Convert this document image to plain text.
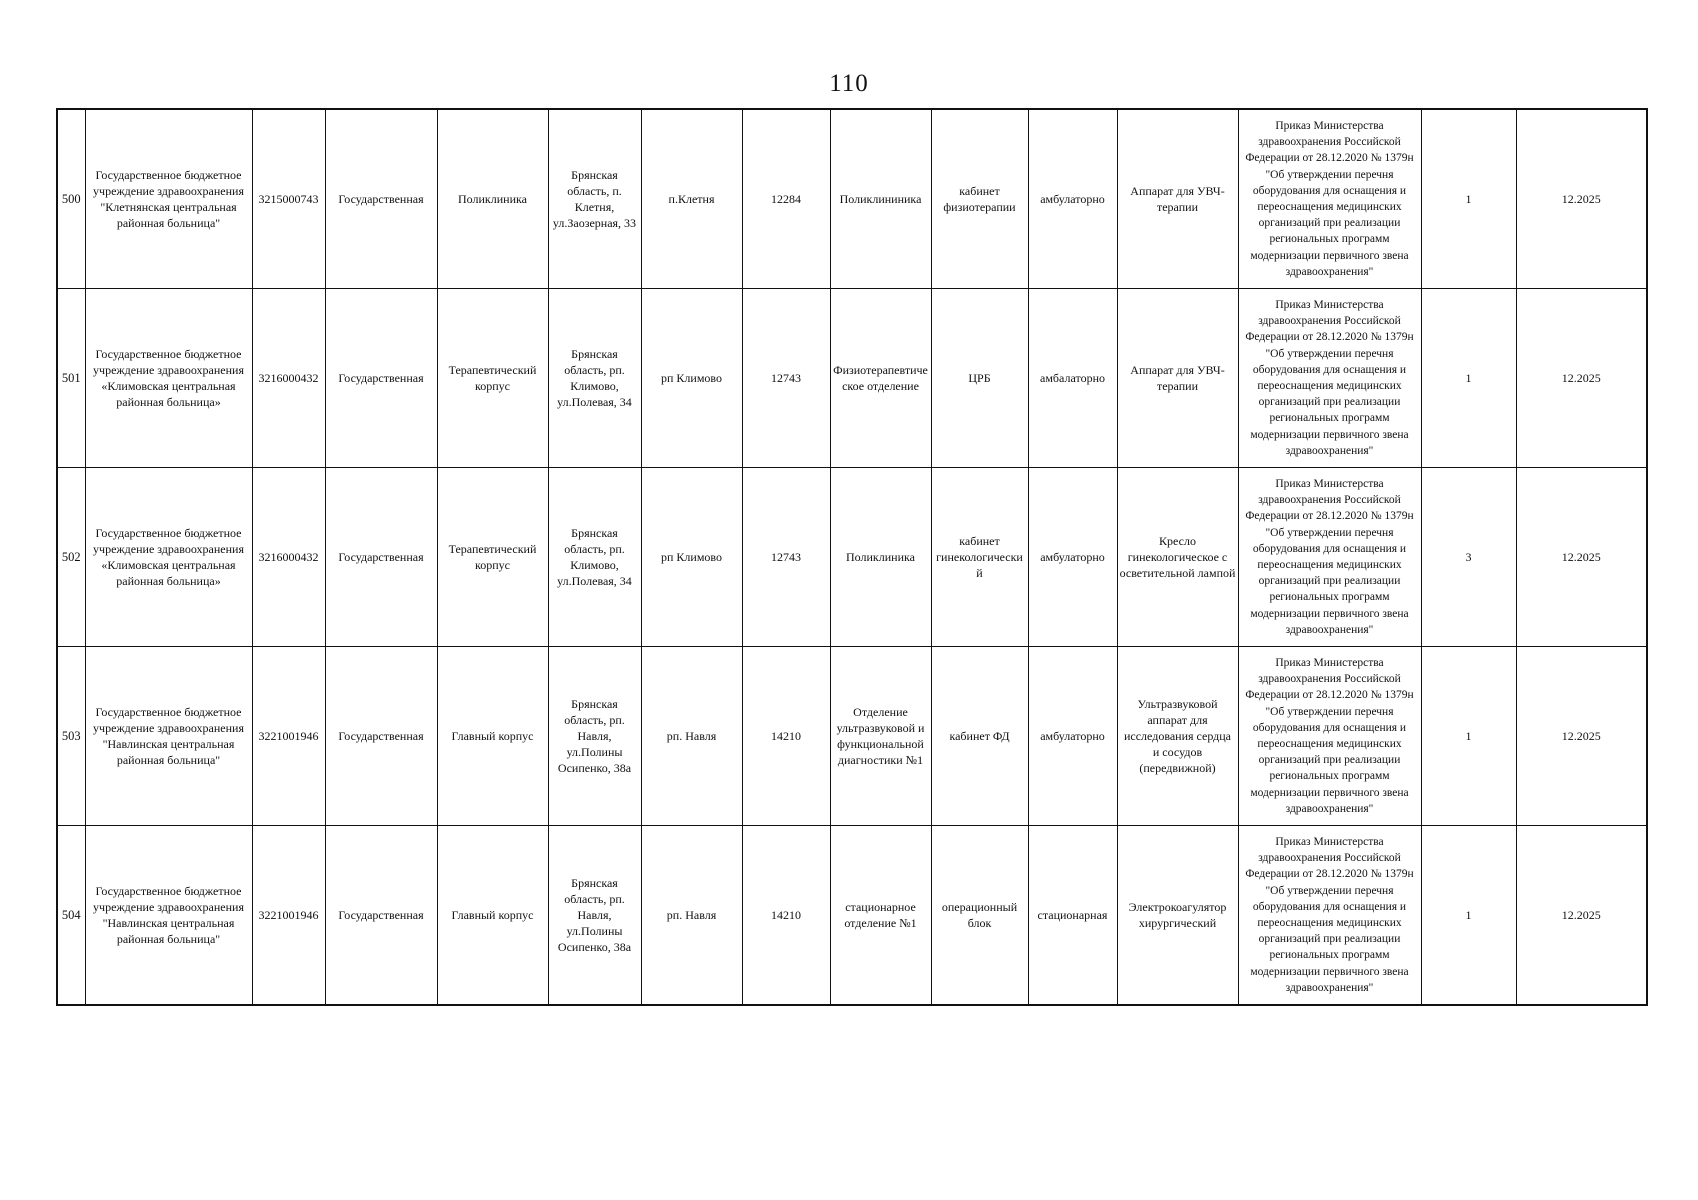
110
500	Государственное бюджетное учреждение здравоохранения "Клетнянская центральная районная больница"	3215000743	Государственная	Поликлиника	Брянская область, п. Клетня, ул.Заозерная, 33	п.Клетня	12284	Поликлининика	кабинет физиотерапии	амбулаторно	Аппарат для УВЧ-терапии	Приказ Министерства здравоохранения Российской Федерации от 28.12.2020 № 1379н "Об утверждении перечня оборудования для оснащения и переоснащения медицинских организаций при реализации региональных программ модернизации первичного звена здравоохранения"	1	12.2025
501	Государственное бюджетное учреждение здравоохранения «Климовская центральная районная больница»	3216000432	Государственная	Терапевтический корпус	Брянская область, рп. Климово, ул.Полевая, 34	рп Климово	12743	Физиотерапевтическое отделение	ЦРБ	амбалаторно	Аппарат для УВЧ-терапии	Приказ Министерства здравоохранения Российской Федерации от 28.12.2020 № 1379н "Об утверждении перечня оборудования для оснащения и переоснащения медицинских организаций при реализации региональных программ модернизации первичного звена здравоохранения"	1	12.2025
502	Государственное бюджетное учреждение здравоохранения «Климовская центральная районная больница»	3216000432	Государственная	Терапевтический корпус	Брянская область, рп. Климово, ул.Полевая, 34	рп Климово	12743	Поликлиника	кабинет гинекологический	амбулаторно	Кресло гинекологическое с осветительной лампой	Приказ Министерства здравоохранения Российской Федерации от 28.12.2020 № 1379н "Об утверждении перечня оборудования для оснащения и переоснащения медицинских организаций при реализации региональных программ модернизации первичного звена здравоохранения"	3	12.2025
503	Государственное бюджетное учреждение здравоохранения "Навлинская центральная районная больница"	3221001946	Государственная	Главный корпус	Брянская область, рп. Навля, ул.Полины Осипенко, 38а	рп. Навля	14210	Отделение ультразвуковой и функциональной диагностики №1	кабинет ФД	амбулаторно	Ультразвуковой аппарат для исследования сердца и сосудов (передвижной)	Приказ Министерства здравоохранения Российской Федерации от 28.12.2020 № 1379н "Об утверждении перечня оборудования для оснащения и переоснащения медицинских организаций при реализации региональных программ модернизации первичного звена здравоохранения"	1	12.2025
504	Государственное бюджетное учреждение здравоохранения "Навлинская центральная районная больница"	3221001946	Государственная	Главный корпус	Брянская область, рп. Навля, ул.Полины Осипенко, 38а	рп. Навля	14210	стационарное отделение №1	операционный блок	стационарная	Электрокоагулятор хирургический	Приказ Министерства здравоохранения Российской Федерации от 28.12.2020 № 1379н "Об утверждении перечня оборудования для оснащения и переоснащения медицинских организаций при реализации региональных программ модернизации первичного звена здравоохранения"	1	12.2025
